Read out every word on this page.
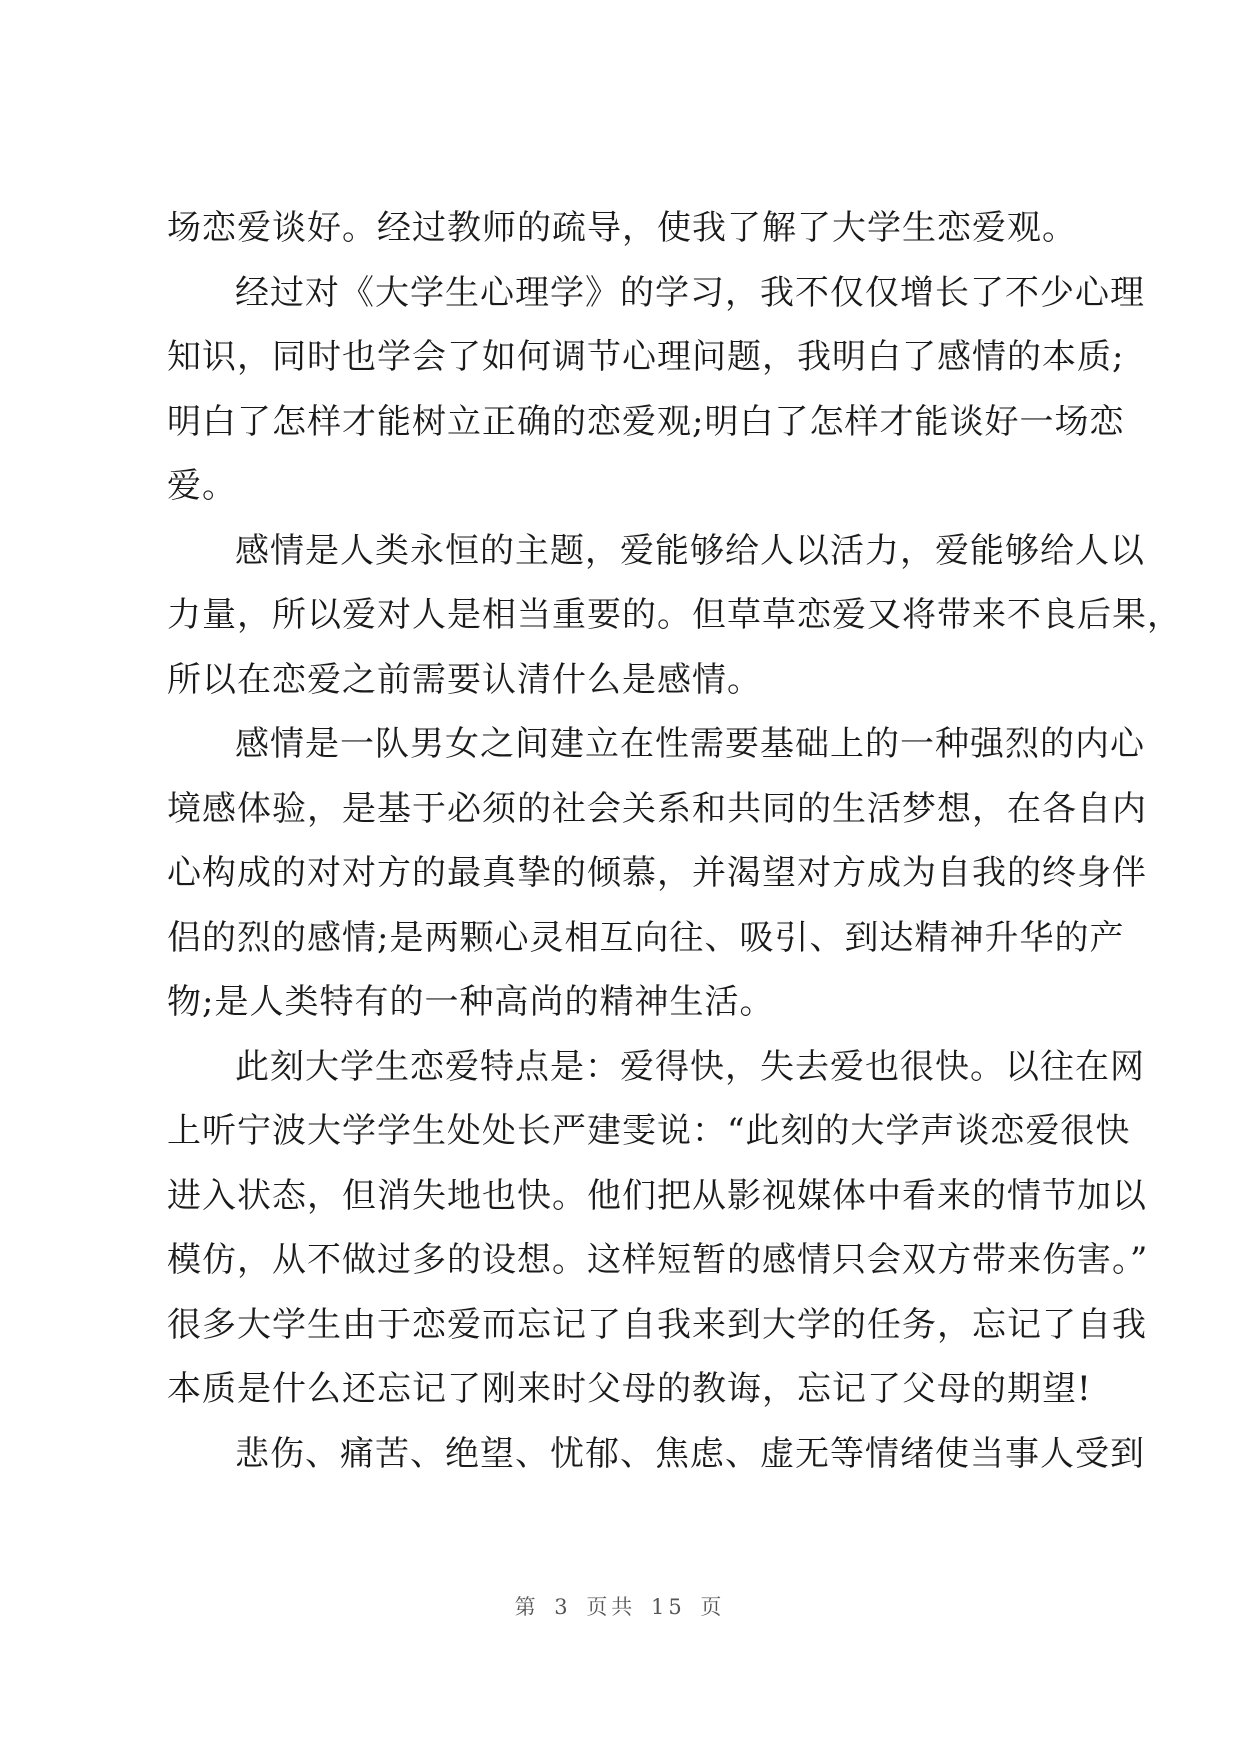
场恋爱谈好。经过教师的疏导，使我了解了大学生恋爱观。
经过对《大学生心理学》的学习，我不仅仅增长了不少心理
知识，同时也学会了如何调节心理问题，我明白了感情的本质;
明白了怎样才能树立正确的恋爱观;明白了怎样才能谈好一场恋
爱。
感情是人类永恒的主题，爱能够给人以活力，爱能够给人以
力量，所以爱对人是相当重要的。但草草恋爱又将带来不良后果，
所以在恋爱之前需要认清什么是感情。
感情是一队男女之间建立在性需要基础上的一种强烈的内心
境感体验，是基于必须的社会关系和共同的生活梦想，在各自内
心构成的对对方的最真挚的倾慕，并渴望对方成为自我的终身伴
侣的烈的感情;是两颗心灵相互向往、吸引、到达精神升华的产
物;是人类特有的一种高尚的精神生活。
此刻大学生恋爱特点是：爱得快，失去爱也很快。以往在网
上听宁波大学学生处处长严建雯说：“此刻的大学声谈恋爱很快
进入状态，但消失地也快。他们把从影视媒体中看来的情节加以
模仿，从不做过多的设想。这样短暂的感情只会双方带来伤害。”
很多大学生由于恋爱而忘记了自我来到大学的任务，忘记了自我
本质是什么还忘记了刚来时父母的教诲，忘记了父母的期望!
悲伤、痛苦、绝望、忧郁、焦虑、虚无等情绪使当事人受到
第 3 页共 15 页
